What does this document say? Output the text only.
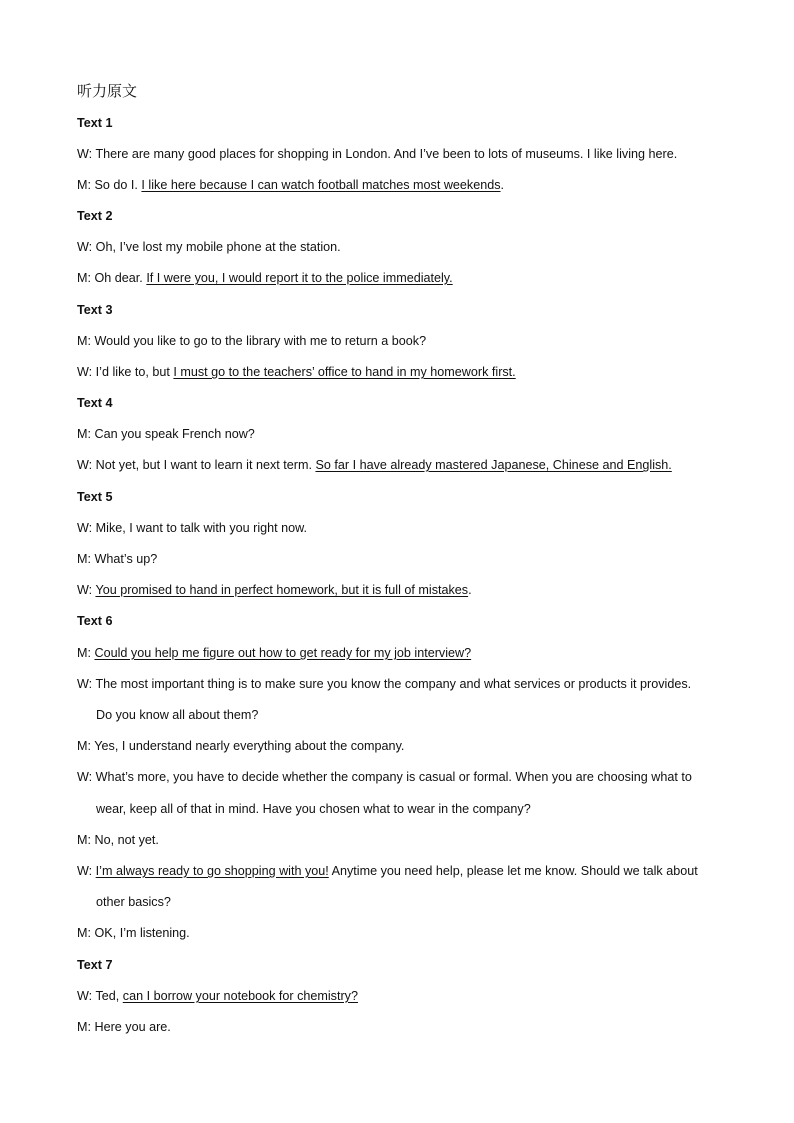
听力原文
Text 1
W: There are many good places for shopping in London. And I’ve been to lots of museums. I like living here.
M: So do I. I like here because I can watch football matches most weekends.
Text 2
W: Oh, I’ve lost my mobile phone at the station.
M: Oh dear. If I were you, I would report it to the police immediately.
Text 3
M: Would you like to go to the library with me to return a book?
W: I’d like to, but I must go to the teachers’ office to hand in my homework first.
Text 4
M: Can you speak French now?
W: Not yet, but I want to learn it next term. So far I have already mastered Japanese, Chinese and English.
Text 5
W: Mike, I want to talk with you right now.
M: What’s up?
W: You promised to hand in perfect homework, but it is full of mistakes.
Text 6
M: Could you help me figure out how to get ready for my job interview?
W: The most important thing is to make sure you know the company and what services or products it provides.
Do you know all about them?
M: Yes, I understand nearly everything about the company.
W: What’s more, you have to decide whether the company is casual or formal. When you are choosing what to
wear, keep all of that in mind. Have you chosen what to wear in the company?
M: No, not yet.
W: I’m always ready to go shopping with you! Anytime you need help, please let me know. Should we talk about
other basics?
M: OK, I’m listening.
Text 7
W: Ted, can I borrow your notebook for chemistry?
M: Here you are.
